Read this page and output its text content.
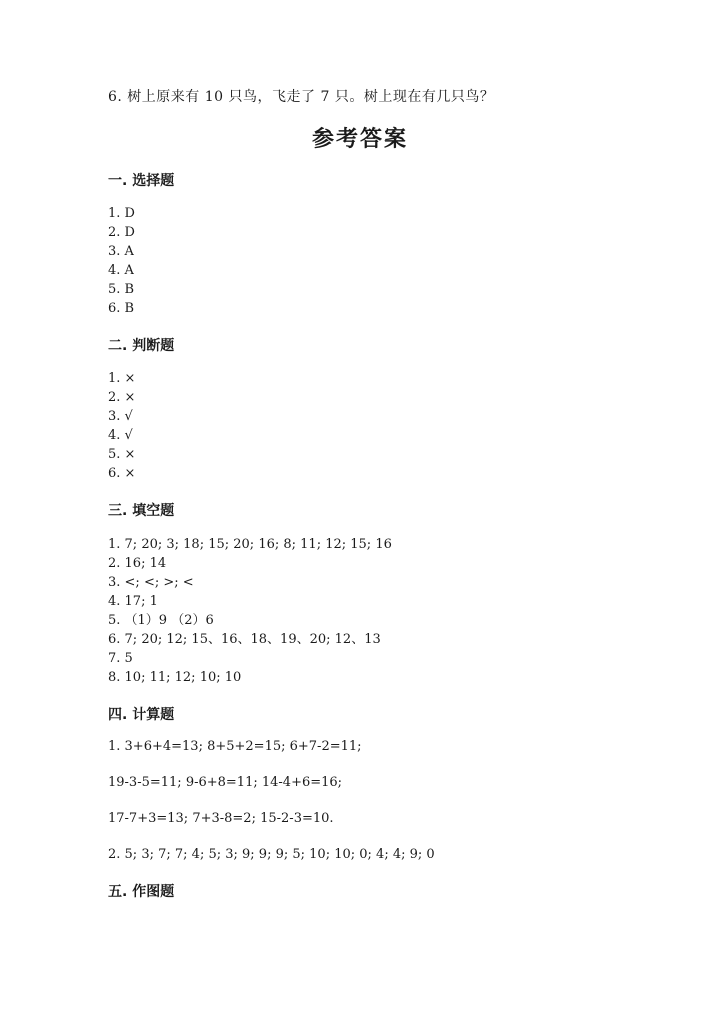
6. 树上原来有 10 只鸟，飞走了 7 只。树上现在有几只鸟？
参考答案
一. 选择题
1. D
2. D
3. A
4. A
5. B
6. B
二. 判断题
1. ×
2. ×
3. √
4. √
5. ×
6. ×
三. 填空题
1. 7; 20; 3; 18; 15; 20; 16; 8; 11; 12; 15; 16
2. 16; 14
3. <; <; >; <
4. 17; 1
5. （1）9 （2）6
6. 7; 20; 12; 15、16、18、19、20; 12、13
7. 5
8. 10; 11; 12; 10; 10
四. 计算题
1. 3+6+4=13; 8+5+2=15; 6+7-2=11;
19-3-5=11; 9-6+8=11; 14-4+6=16;
17-7+3=13; 7+3-8=2; 15-2-3=10.
2. 5; 3; 7; 7; 4; 5; 3; 9; 9; 9; 5; 10; 10; 0; 4; 4; 9; 0
五. 作图题
